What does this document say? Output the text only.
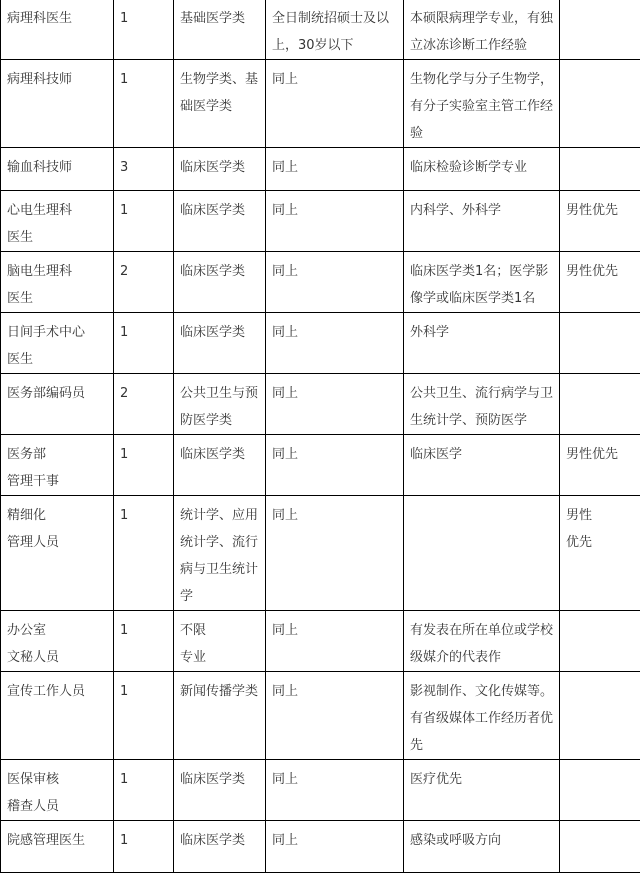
病理科医生	1	基础医学类	全日制统招硕士及以
上，30岁以下	本硕限病理学专业，有独
立冰冻诊断工作经验	

病理科技师	1	生物学类、基
础医学类	同上	生物化学与分子生物学，
有分子实验室主管工作经
验	

输血科技师	3	临床医学类	同上	临床检验诊断学专业	

心电生理科
医生	1	临床医学类	同上	内科学、外科学	男性优先

脑电生理科
医生	2	临床医学类	同上	临床医学类1名；医学影
像学或临床医学类1名	男性优先

日间手术中心
医生	1	临床医学类	同上	外科学	

医务部编码员	2	公共卫生与预
防医学类	同上	公共卫生、流行病学与卫
生统计学、预防医学	

医务部
管理干事	1	临床医学类	同上	临床医学	男性优先

精细化
管理人员	1	统计学、应用
统计学、流行
病与卫生统计
学	同上		男性
优先

办公室
文秘人员	1	不限
专业	同上	有发表在所在单位或学校
级媒介的代表作	

宣传工作人员	1	新闻传播学类	同上	影视制作、文化传媒等。
有省级媒体工作经历者优
先	

医保审核
稽查人员	1	临床医学类	同上	医疗优先	

院感管理医生	1	临床医学类	同上	感染或呼吸方向	
